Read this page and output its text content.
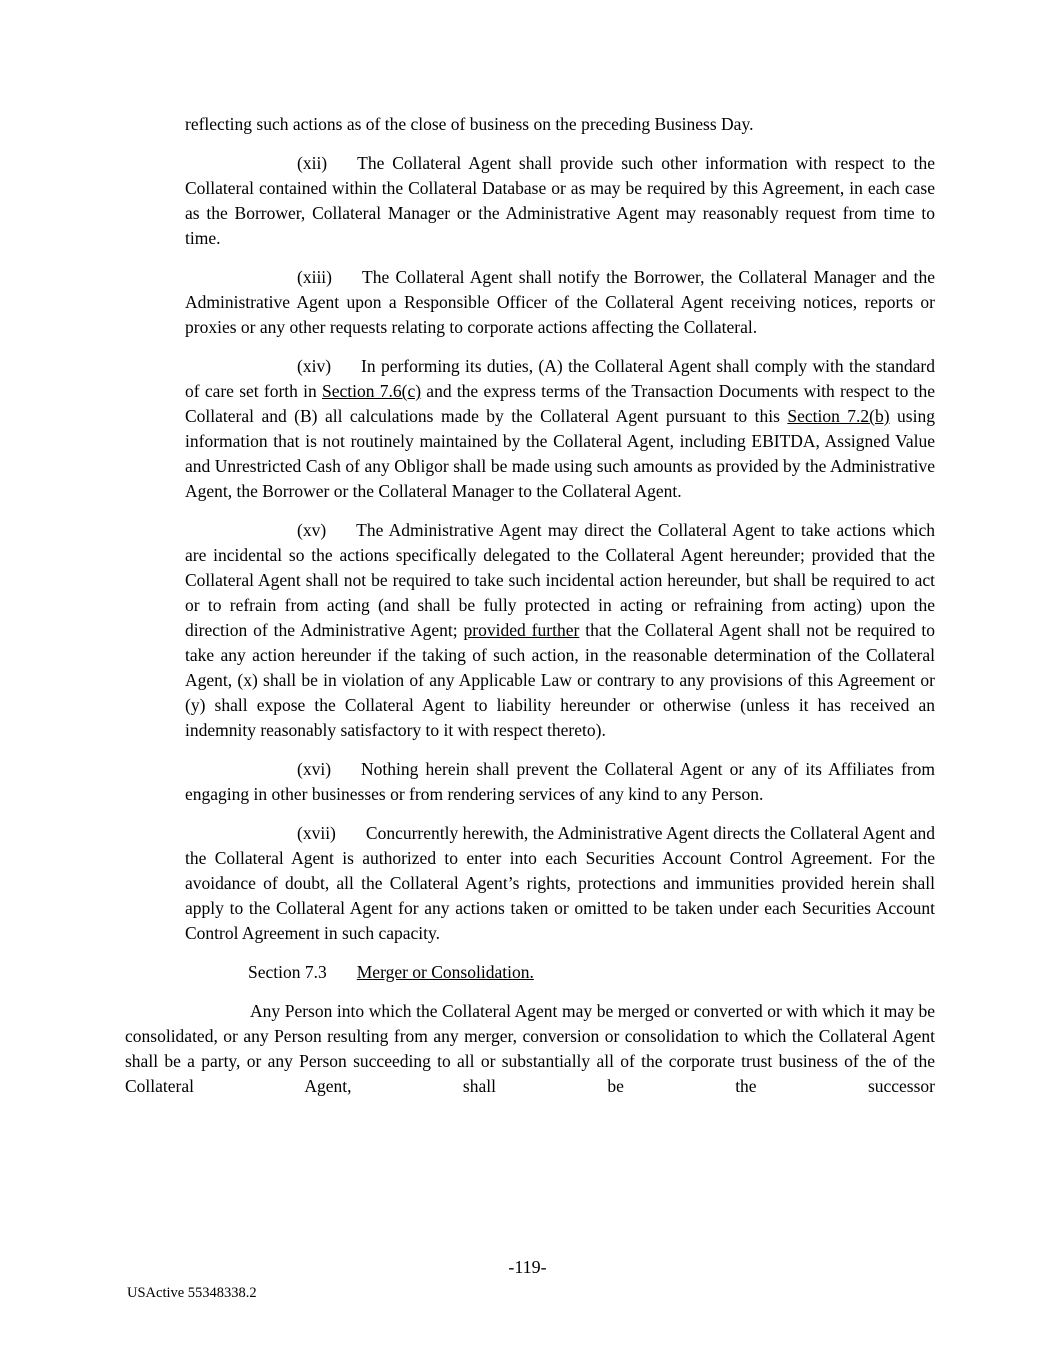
reflecting such actions as of the close of business on the preceding Business Day.

(xii) The Collateral Agent shall provide such other information with respect to the Collateral contained within the Collateral Database or as may be required by this Agreement, in each case as the Borrower, Collateral Manager or the Administrative Agent may reasonably request from time to time.

(xiii) The Collateral Agent shall notify the Borrower, the Collateral Manager and the Administrative Agent upon a Responsible Officer of the Collateral Agent receiving notices, reports or proxies or any other requests relating to corporate actions affecting the Collateral.

(xiv) In performing its duties, (A) the Collateral Agent shall comply with the standard of care set forth in Section 7.6(c) and the express terms of the Transaction Documents with respect to the Collateral and (B) all calculations made by the Collateral Agent pursuant to this Section 7.2(b) using information that is not routinely maintained by the Collateral Agent, including EBITDA, Assigned Value and Unrestricted Cash of any Obligor shall be made using such amounts as provided by the Administrative Agent, the Borrower or the Collateral Manager to the Collateral Agent.

(xv) The Administrative Agent may direct the Collateral Agent to take actions which are incidental so the actions specifically delegated to the Collateral Agent hereunder; provided that the Collateral Agent shall not be required to take such incidental action hereunder, but shall be required to act or to refrain from acting (and shall be fully protected in acting or refraining from acting) upon the direction of the Administrative Agent; provided further that the Collateral Agent shall not be required to take any action hereunder if the taking of such action, in the reasonable determination of the Collateral Agent, (x) shall be in violation of any Applicable Law or contrary to any provisions of this Agreement or (y) shall expose the Collateral Agent to liability hereunder or otherwise (unless it has received an indemnity reasonably satisfactory to it with respect thereto).

(xvi) Nothing herein shall prevent the Collateral Agent or any of its Affiliates from engaging in other businesses or from rendering services of any kind to any Person.

(xvii) Concurrently herewith, the Administrative Agent directs the Collateral Agent and the Collateral Agent is authorized to enter into each Securities Account Control Agreement. For the avoidance of doubt, all the Collateral Agent’s rights, protections and immunities provided herein shall apply to the Collateral Agent for any actions taken or omitted to be taken under each Securities Account Control Agreement in such capacity.

Section 7.3 Merger or Consolidation.

Any Person into which the Collateral Agent may be merged or converted or with which it may be consolidated, or any Person resulting from any merger, conversion or consolidation to which the Collateral Agent shall be a party, or any Person succeeding to all or substantially all of the corporate trust business of the of the Collateral Agent, shall be the successor

-119-
USActive 55348338.2
